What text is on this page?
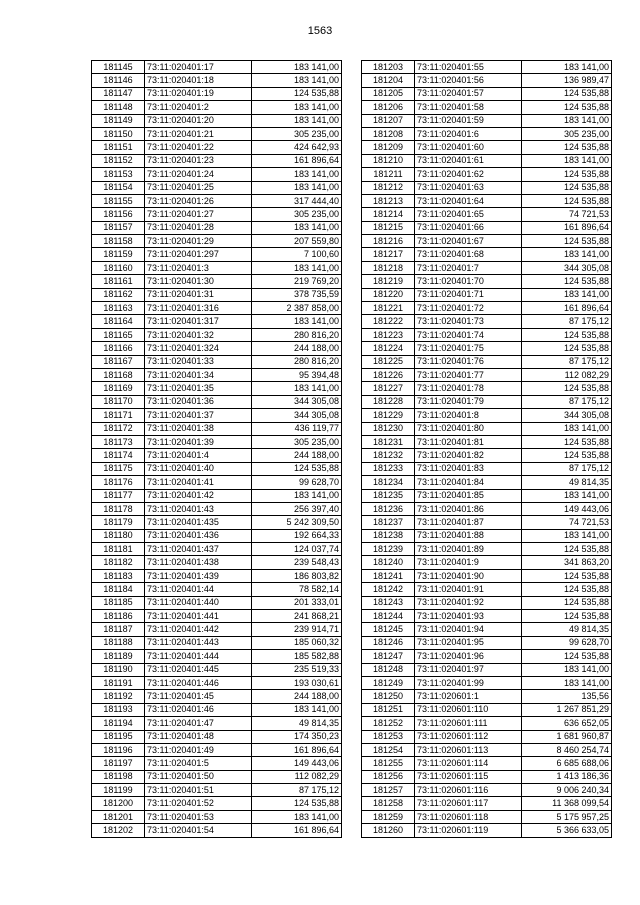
1563
181145	73:11:020401:17	183 141,00
181146	73:11:020401:18	183 141,00
181147	73:11:020401:19	124 535,88
181148	73:11:020401:2	183 141,00
181149	73:11:020401:20	183 141,00
181150	73:11:020401:21	305 235,00
181151	73:11:020401:22	424 642,93
181152	73:11:020401:23	161 896,64
181153	73:11:020401:24	183 141,00
181154	73:11:020401:25	183 141,00
181155	73:11:020401:26	317 444,40
181156	73:11:020401:27	305 235,00
181157	73:11:020401:28	183 141,00
181158	73:11:020401:29	207 559,80
181159	73:11:020401:297	7 100,60
181160	73:11:020401:3	183 141,00
181161	73:11:020401:30	219 769,20
181162	73:11:020401:31	378 735,59
181163	73:11:020401:316	2 387 858,00
181164	73:11:020401:317	183 141,00
181165	73:11:020401:32	280 816,20
181166	73:11:020401:324	244 188,00
181167	73:11:020401:33	280 816,20
181168	73:11:020401:34	95 394,48
181169	73:11:020401:35	183 141,00
181170	73:11:020401:36	344 305,08
181171	73:11:020401:37	344 305,08
181172	73:11:020401:38	436 119,77
181173	73:11:020401:39	305 235,00
181174	73:11:020401:4	244 188,00
181175	73:11:020401:40	124 535,88
181176	73:11:020401:41	99 628,70
181177	73:11:020401:42	183 141,00
181178	73:11:020401:43	256 397,40
181179	73:11:020401:435	5 242 309,50
181180	73:11:020401:436	192 664,33
181181	73:11:020401:437	124 037,74
181182	73:11:020401:438	239 548,43
181183	73:11:020401:439	186 803,82
181184	73:11:020401:44	78 582,14
181185	73:11:020401:440	201 333,01
181186	73:11:020401:441	241 868,21
181187	73:11:020401:442	239 914,71
181188	73:11:020401:443	185 060,32
181189	73:11:020401:444	185 582,88
181190	73:11:020401:445	235 519,33
181191	73:11:020401:446	193 030,61
181192	73:11:020401:45	244 188,00
181193	73:11:020401:46	183 141,00
181194	73:11:020401:47	49 814,35
181195	73:11:020401:48	174 350,23
181196	73:11:020401:49	161 896,64
181197	73:11:020401:5	149 443,06
181198	73:11:020401:50	112 082,29
181199	73:11:020401:51	87 175,12
181200	73:11:020401:52	124 535,88
181201	73:11:020401:53	183 141,00
181202	73:11:020401:54	161 896,64
181203	73:11:020401:55	183 141,00
181204	73:11:020401:56	136 989,47
181205	73:11:020401:57	124 535,88
181206	73:11:020401:58	124 535,88
181207	73:11:020401:59	183 141,00
181208	73:11:020401:6	305 235,00
181209	73:11:020401:60	124 535,88
181210	73:11:020401:61	183 141,00
181211	73:11:020401:62	124 535,88
181212	73:11:020401:63	124 535,88
181213	73:11:020401:64	124 535,88
181214	73:11:020401:65	74 721,53
181215	73:11:020401:66	161 896,64
181216	73:11:020401:67	124 535,88
181217	73:11:020401:68	183 141,00
181218	73:11:020401:7	344 305,08
181219	73:11:020401:70	124 535,88
181220	73:11:020401:71	183 141,00
181221	73:11:020401:72	161 896,64
181222	73:11:020401:73	87 175,12
181223	73:11:020401:74	124 535,88
181224	73:11:020401:75	124 535,88
181225	73:11:020401:76	87 175,12
181226	73:11:020401:77	112 082,29
181227	73:11:020401:78	124 535,88
181228	73:11:020401:79	87 175,12
181229	73:11:020401:8	344 305,08
181230	73:11:020401:80	183 141,00
181231	73:11:020401:81	124 535,88
181232	73:11:020401:82	124 535,88
181233	73:11:020401:83	87 175,12
181234	73:11:020401:84	49 814,35
181235	73:11:020401:85	183 141,00
181236	73:11:020401:86	149 443,06
181237	73:11:020401:87	74 721,53
181238	73:11:020401:88	183 141,00
181239	73:11:020401:89	124 535,88
181240	73:11:020401:9	341 863,20
181241	73:11:020401:90	124 535,88
181242	73:11:020401:91	124 535,88
181243	73:11:020401:92	124 535,88
181244	73:11:020401:93	124 535,88
181245	73:11:020401:94	49 814,35
181246	73:11:020401:95	99 628,70
181247	73:11:020401:96	124 535,88
181248	73:11:020401:97	183 141,00
181249	73:11:020401:99	183 141,00
181250	73:11:020601:1	135,56
181251	73:11:020601:110	1 267 851,29
181252	73:11:020601:111	636 652,05
181253	73:11:020601:112	1 681 960,87
181254	73:11:020601:113	8 460 254,74
181255	73:11:020601:114	6 685 688,06
181256	73:11:020601:115	1 413 186,36
181257	73:11:020601:116	9 006 240,34
181258	73:11:020601:117	11 368 099,54
181259	73:11:020601:118	5 175 957,25
181260	73:11:020601:119	5 366 633,05
